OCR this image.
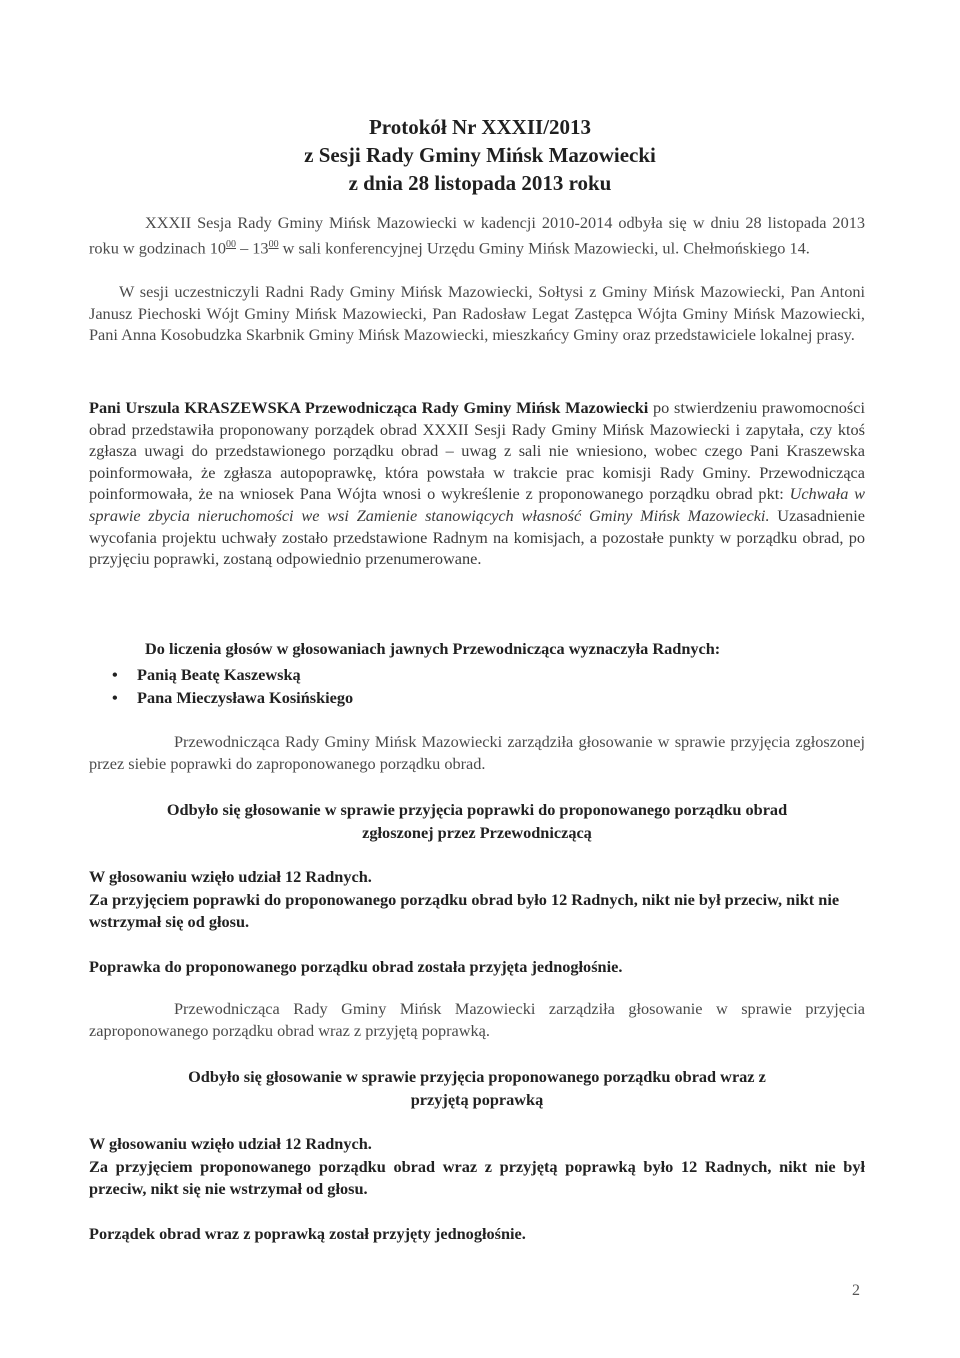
Protokół Nr XXXII/2013
z Sesji Rady Gminy Mińsk Mazowiecki
z dnia 28 listopada 2013 roku
XXXII Sesja Rady Gminy Mińsk Mazowiecki w kadencji 2010-2014 odbyła się w dniu 28 listopada 2013 roku w godzinach $10^{00} - 13^{00}$ w sali konferencyjnej Urzędu Gminy Mińsk Mazowiecki, ul. Chełmońskiego 14.
W sesji uczestniczyli Radni Rady Gminy Mińsk Mazowiecki, Sołtysi z Gminy Mińsk Mazowiecki, Pan Antoni Janusz Piechoski Wójt Gminy Mińsk Mazowiecki, Pan Radosław Legat Zastępca Wójta Gminy Mińsk Mazowiecki, Pani Anna Kosobudzka Skarbnik Gminy Mińsk Mazowiecki, mieszkańcy Gminy oraz przedstawiciele lokalnej prasy.
Pani Urszula KRASZEWSKA Przewodnicząca Rady Gminy Mińsk Mazowiecki po stwierdzeniu prawomocności obrad przedstawiła proponowany porządek obrad XXXII Sesji Rady Gminy Mińsk Mazowiecki i zapytała, czy ktoś zgłasza uwagi do przedstawionego porządku obrad – uwag z sali nie wniesiono, wobec czego Pani Kraszewska poinformowała, że zgłasza autopoprawkę, która powstała w trakcie prac komisji Rady Gminy. Przewodnicząca poinformowała, że na wniosek Pana Wójta wnosi o wykreślenie z proponowanego porządku obrad pkt: Uchwała w sprawie zbycia nieruchomości we wsi Zamienie stanowiących własność Gminy Mińsk Mazowiecki. Uzasadnienie wycofania projektu uchwały zostało przedstawione Radnym na komisjach, a pozostałe punkty w porządku obrad, po przyjęciu poprawki, zostaną odpowiednio przenumerowane.
Do liczenia głosów w głosowaniach jawnych Przewodnicząca wyznaczyła Radnych:
• Panią Beatę Kaszewską
• Pana Mieczysława Kosińskiego
Przewodnicząca Rady Gminy Mińsk Mazowiecki zarządziła głosowanie w sprawie przyjęcia zgłoszonej przez siebie poprawki do zaproponowanego porządku obrad.
Odbyło się głosowanie w sprawie przyjęcia poprawki do proponowanego porządku obrad
zgłoszonej przez Przewodniczącą
W głosowaniu wzięło udział 12 Radnych.
Za przyjęciem poprawki do proponowanego porządku obrad było 12 Radnych, nikt nie był przeciw, nikt nie wstrzymał się od głosu.
Poprawka do proponowanego porządku obrad została przyjęta jednogłośnie.
Przewodnicząca Rady Gminy Mińsk Mazowiecki zarządziła głosowanie w sprawie przyjęcia zaproponowanego porządku obrad wraz z przyjętą poprawką.
Odbyło się głosowanie w sprawie przyjęcia proponowanego porządku obrad wraz z
przyjętą poprawką
W głosowaniu wzięło udział 12 Radnych.
Za przyjęciem proponowanego porządku obrad wraz z przyjętą poprawką było 12 Radnych, nikt nie był przeciw, nikt się nie wstrzymał od głosu.
Porządek obrad wraz z poprawką został przyjęty jednogłośnie.
2
